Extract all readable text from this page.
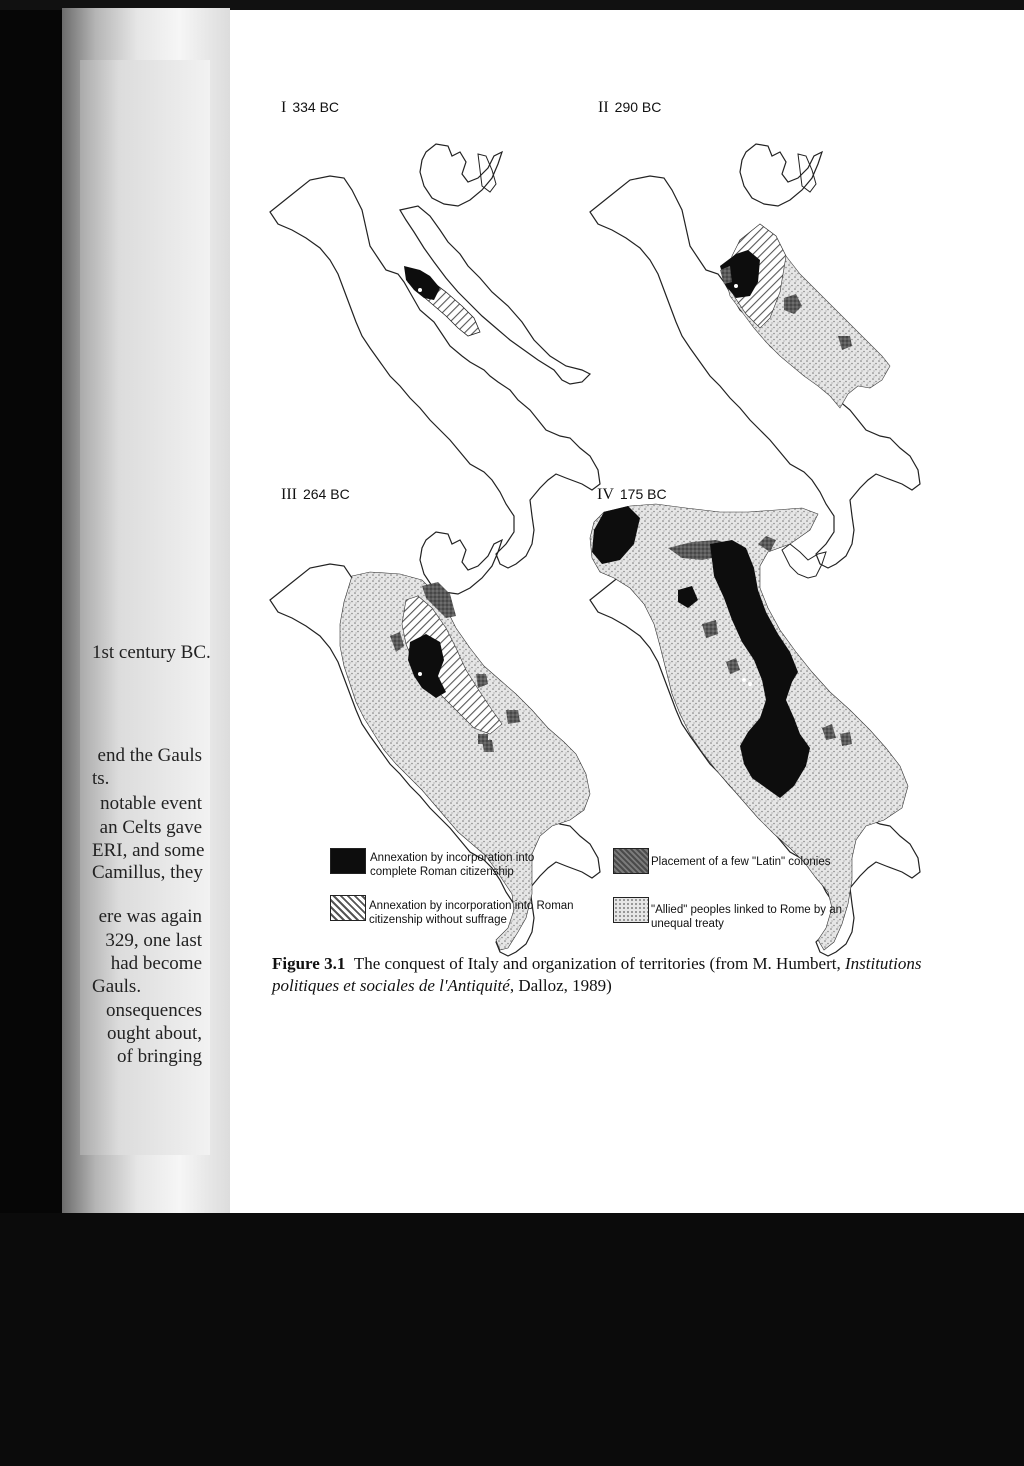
1st century BC.
end the Gauls
ts.
notable event
an Celts gave
ERI, and some
Camillus, they
ere was again
329, one last
had become
Gauls.
onsequences
ought about,
of bringing
I 334 BC	II 290 BC
III 264 BC	IV 175 BC
Annexation by incorporation into complete Roman citizenship
Placement of a few "Latin" colonies
Annexation by incorporation into Roman citizenship without suffrage
"Allied" peoples linked to Rome by an unequal treaty
Figure 3.1 The conquest of Italy and organization of territories (from M. Humbert, Institutions politiques et sociales de l'Antiquité, Dalloz, 1989)
